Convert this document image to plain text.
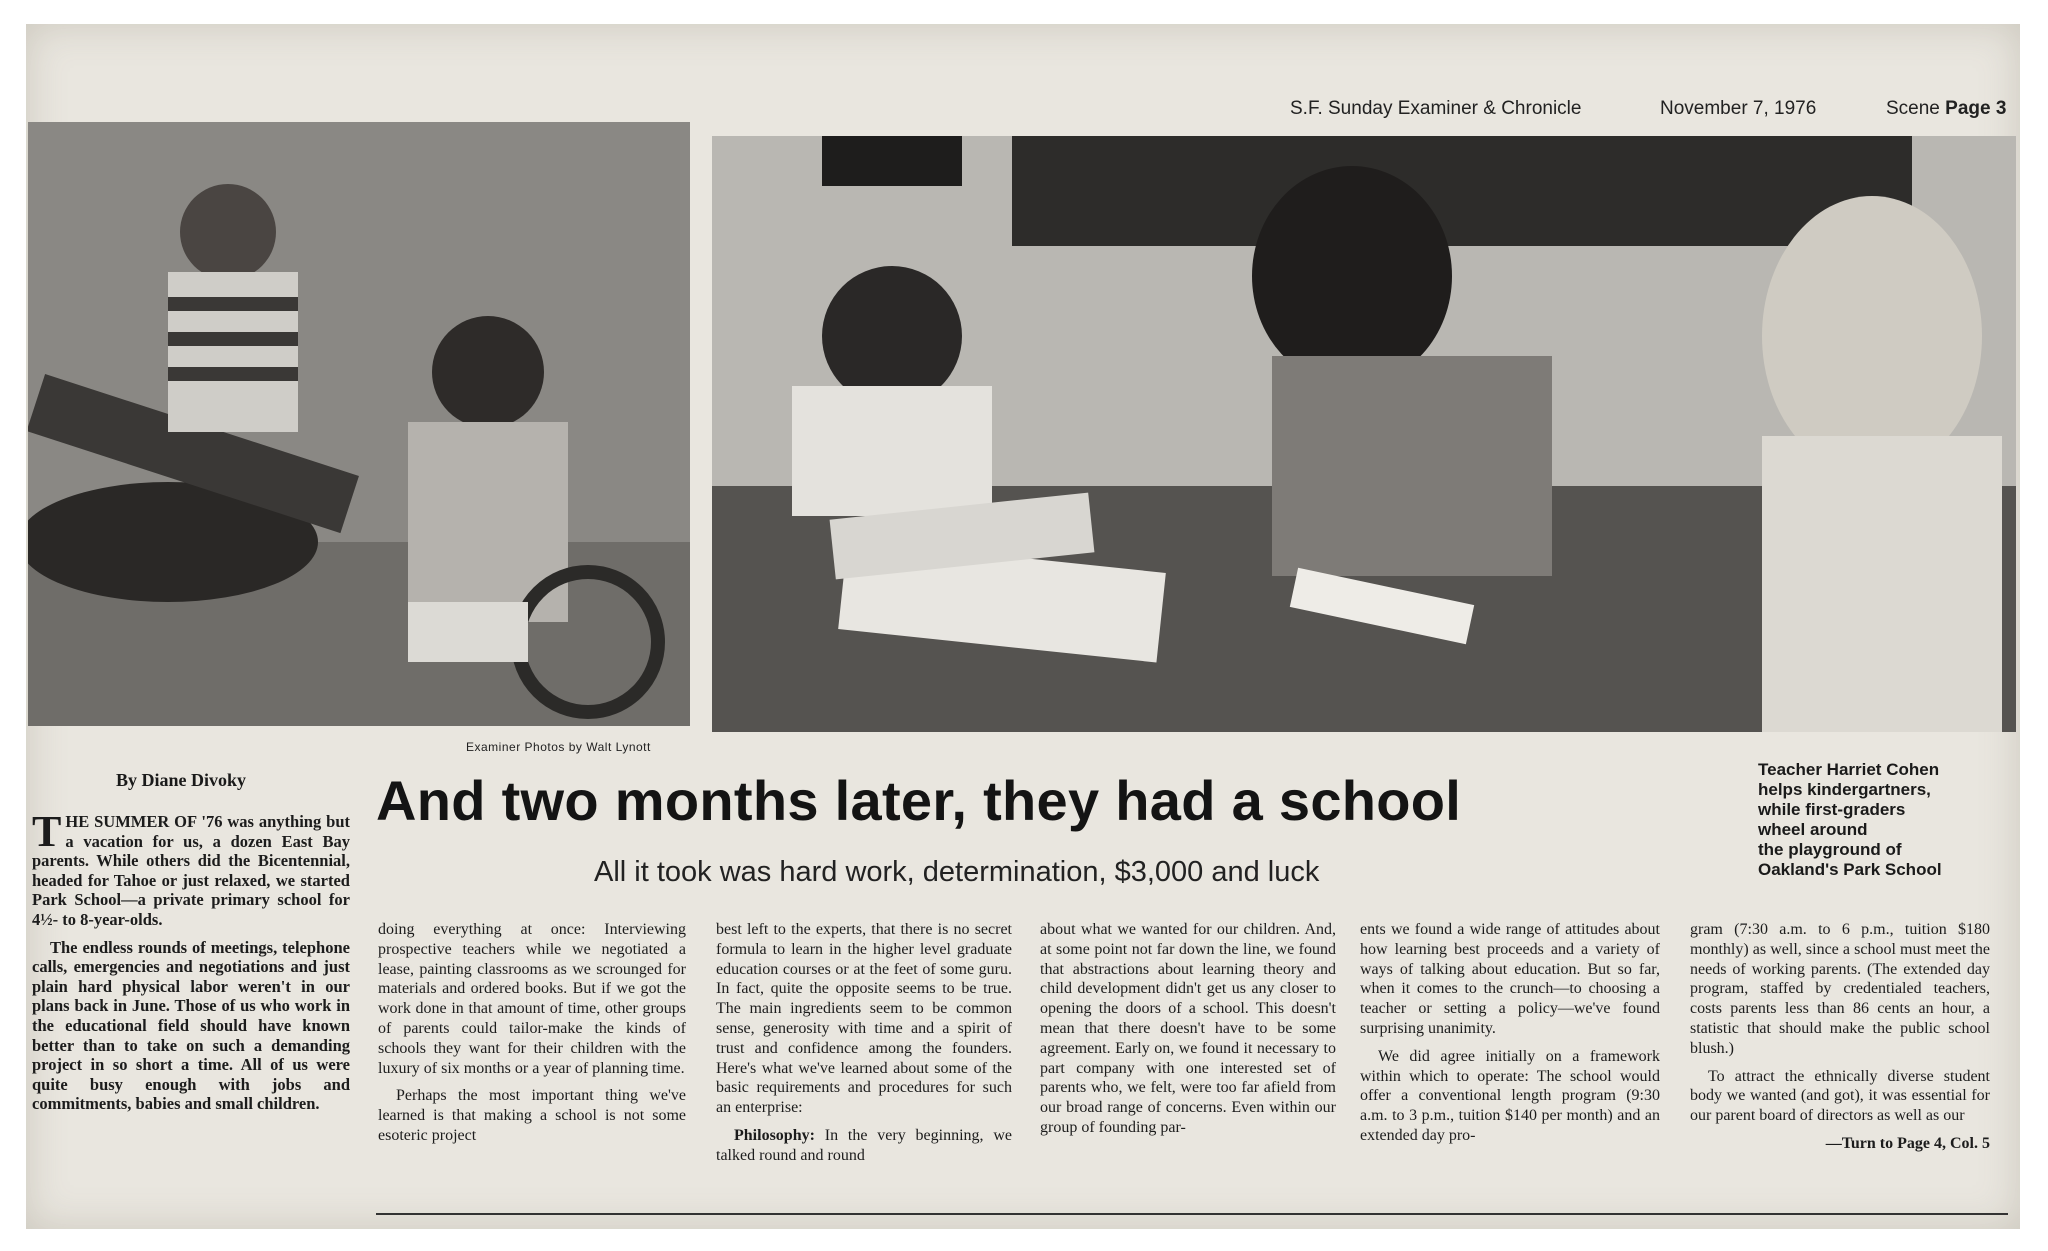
S.F. Sunday Examiner & Chronicle	November 7, 1976	Scene Page 3
Examiner Photos by Walt Lynott
By Diane Divoky And two months later, they had a school
All it took was hard work, determination, $3,000 and luck
Teacher Harriet Cohen
helps kindergartners,
while first-graders
wheel around
the playground of
Oakland's Park School

THE SUMMER OF '76 was anything but a vacation for us, a dozen East Bay parents. While others did the Bicentennial, headed for Tahoe or just relaxed, we started Park School—a private primary school for 4½- to 8-year-olds.

The endless rounds of meetings, telephone calls, emergencies and negotiations and just plain hard physical labor weren't in our plans back in June. Those of us who work in the educational field should have known better than to take on such a demanding project in so short a time. All of us were quite busy enough with jobs and commitments, babies and small children.

doing everything at once: Interviewing prospective teachers while we negotiated a lease, painting classrooms as we scrounged for materials and ordered books. But if we got the work done in that amount of time, other groups of parents could tailor-make the kinds of schools they want for their children with the luxury of six months or a year of planning time.

Perhaps the most important thing we've learned is that making a school is not some esoteric project

best left to the experts, that there is no secret formula to learn in the higher level graduate education courses or at the feet of some guru. In fact, quite the opposite seems to be true. The main ingredients seem to be common sense, generosity with time and a spirit of trust and confidence among the founders. Here's what we've learned about some of the basic requirements and procedures for such an enterprise:

Philosophy: In the very beginning, we talked round and round

about what we wanted for our children. And, at some point not far down the line, we found that abstractions about learning theory and child development didn't get us any closer to opening the doors of a school. This doesn't mean that there doesn't have to be some agreement. Early on, we found it necessary to part company with one interested set of parents who, we felt, were too far afield from our broad range of concerns. Even within our group of founding par-

ents we found a wide range of attitudes about how learning best proceeds and a variety of ways of talking about education. But so far, when it comes to the crunch—to choosing a teacher or setting a policy—we've found surprising unanimity.

We did agree initially on a framework within which to operate: The school would offer a conventional length program (9:30 a.m. to 3 p.m., tuition $140 per month) and an extended day pro-

gram (7:30 a.m. to 6 p.m., tuition $180 monthly) as well, since a school must meet the needs of working parents. (The extended day program, staffed by credentialed teachers, costs parents less than 86 cents an hour, a statistic that should make the public school blush.)

To attract the ethnically diverse student body we wanted (and got), it was essential for our parent board of directors as well as our

—Turn to Page 4, Col. 5
